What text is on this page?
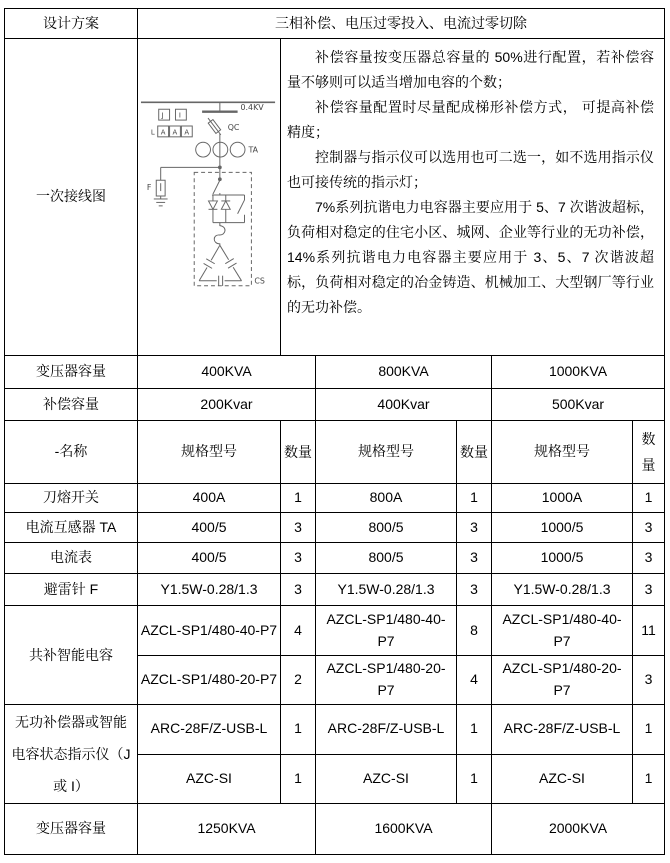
设计方案	三相补偿、电压过零投入、电流过零切除					
一次接线图	
0.4KV
QC
TA
F
CS
J I
L A A A

补偿容量按变压器总容量的 50%进行配置，若补偿容量不够则可以适当增加电容的个数；

补偿容量配置时尽量配成梯形补偿方式， 可提高补偿精度；

控制器与指示仪可以选用也可二选一，如不选用指示仪也可接传统的指示灯；

7%系列抗谐电力电容器主要应用于 5、7 次谐波超标，负荷相对稳定的住宅小区、城网、企业等行业的无功补偿，14%系列抗谐电力电容器主要应用于 3、5、7 次谐波超标，负荷相对稳定的冶金铸造、机械加工、大型钢厂等行业的无功补偿。

变压器容量	400KVA		800KVA		1000KVA	
补偿容量	200Kvar		400Kvar		500Kvar	
-名称	规格型号	数量	规格型号	数量	规格型号	数量
刀熔开关	400A	1	800A	1	1000A	1
电流互感器 TA	400/5	3	800/5	3	1000/5	3
电流表	400/5	3	800/5	3	1000/5	3
避雷针 F	Y1.5W-0.28/1.3	3	Y1.5W-0.28/1.3	3	Y1.5W-0.28/1.3	3
共补智能电容	AZCL-SP1/480-40-P7	4	AZCL-SP1/480-40-P7	8	AZCL-SP1/480-40-P7	11
	AZCL-SP1/480-20-P7	2	AZCL-SP1/480-20-P7	4	AZCL-SP1/480-20-P7	3
无功补偿器或智能电容状态指示仪（J 或 I）	ARC-28F/Z-USB-L	1	ARC-28F/Z-USB-L	1	ARC-28F/Z-USB-L	1
	AZC-SI	1	AZC-SI	1	AZC-SI	1
变压器容量	1250KVA		1600KVA		2000KVA	
